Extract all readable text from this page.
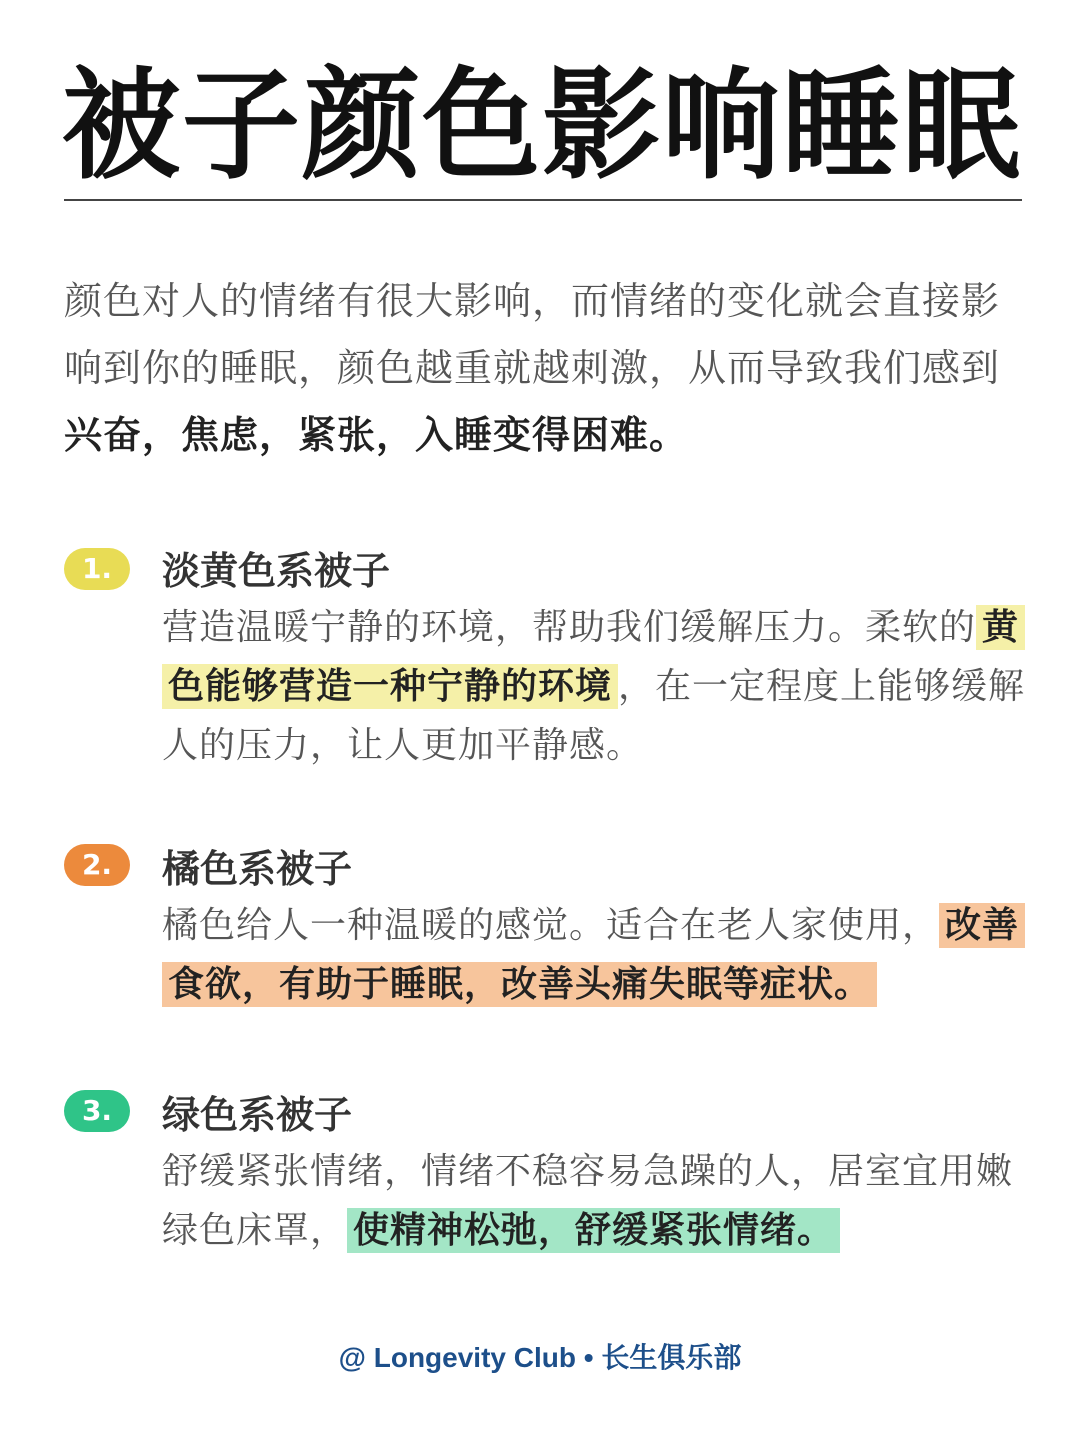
被子颜色影响睡眠
颜色对人的情绪有很大影响，而情绪的变化就会直接影响到你的睡眠，颜色越重就越刺激，从而导致我们感到兴奋，焦虑，紧张，入睡变得困难。
1.	淡黄色系被子
营造温暖宁静的环境，帮助我们缓解压力。柔软的 黄色能够营造一种宁静的环境 ，在一定程度上能够缓解人的压力，让人更加平静感。
2.	橘色系被子
橘色给人一种温暖的感觉。适合在老人家使用， 改善食欲，有助于睡眠，改善头痛失眠等症状。
3.	绿色系被子
舒缓紧张情绪，情绪不稳容易急躁的人，居室宜用嫩绿色床罩， 使精神松弛，舒缓紧张情绪。
@ Longevity Club • 长生俱乐部
